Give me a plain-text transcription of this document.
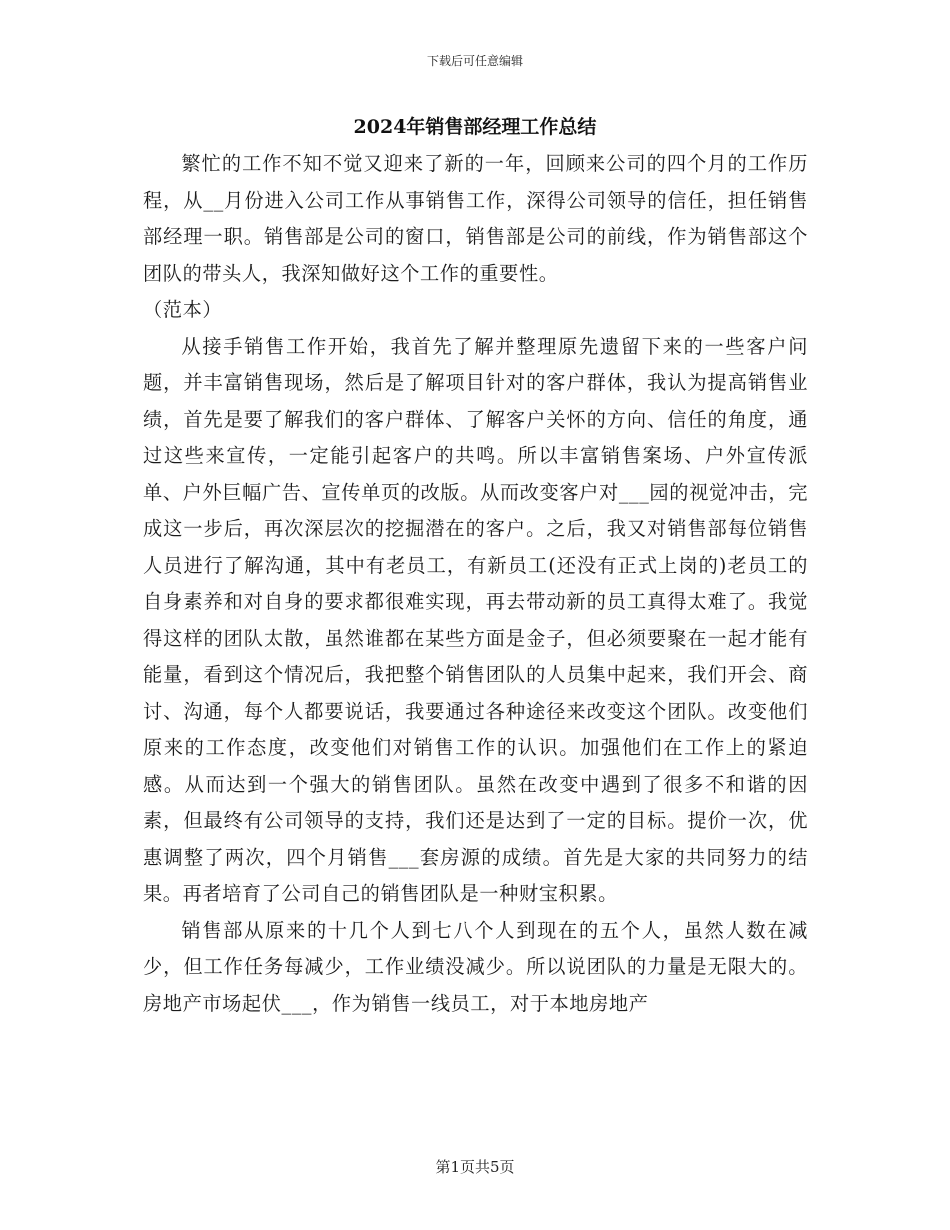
下载后可任意编辑
2024年销售部经理工作总结

繁忙的工作不知不觉又迎来了新的一年，回顾来公司的四个月的工作历程，从__月份进入公司工作从事销售工作，深得公司领导的信任，担任销售部经理一职。销售部是公司的窗口，销售部是公司的前线，作为销售部这个团队的带头人，我深知做好这个工作的重要性。

（范本）

从接手销售工作开始，我首先了解并整理原先遗留下来的一些客户问题，并丰富销售现场，然后是了解项目针对的客户群体，我认为提高销售业绩，首先是要了解我们的客户群体、了解客户关怀的方向、信任的角度，通过这些来宣传，一定能引起客户的共鸣。所以丰富销售案场、户外宣传派单、户外巨幅广告、宣传单页的改版。从而改变客户对___园的视觉冲击，完成这一步后，再次深层次的挖掘潜在的客户。之后，我又对销售部每位销售人员进行了解沟通，其中有老员工，有新员工(还没有正式上岗的)老员工的自身素养和对自身的要求都很难实现，再去带动新的员工真得太难了。我觉得这样的团队太散，虽然谁都在某些方面是金子，但必须要聚在一起才能有能量，看到这个情况后，我把整个销售团队的人员集中起来，我们开会、商讨、沟通，每个人都要说话，我要通过各种途径来改变这个团队。改变他们原来的工作态度，改变他们对销售工作的认识。加强他们在工作上的紧迫感。从而达到一个强大的销售团队。虽然在改变中遇到了很多不和谐的因素，但最终有公司领导的支持，我们还是达到了一定的目标。提价一次，优惠调整了两次，四个月销售___套房源的成绩。首先是大家的共同努力的结果。再者培育了公司自己的销售团队是一种财宝积累。

销售部从原来的十几个人到七八个人到现在的五个人，虽然人数在减少，但工作任务每减少，工作业绩没减少。所以说团队的力量是无限大的。房地产市场起伏___，作为销售一线员工，对于本地房地产

第1页共5页
